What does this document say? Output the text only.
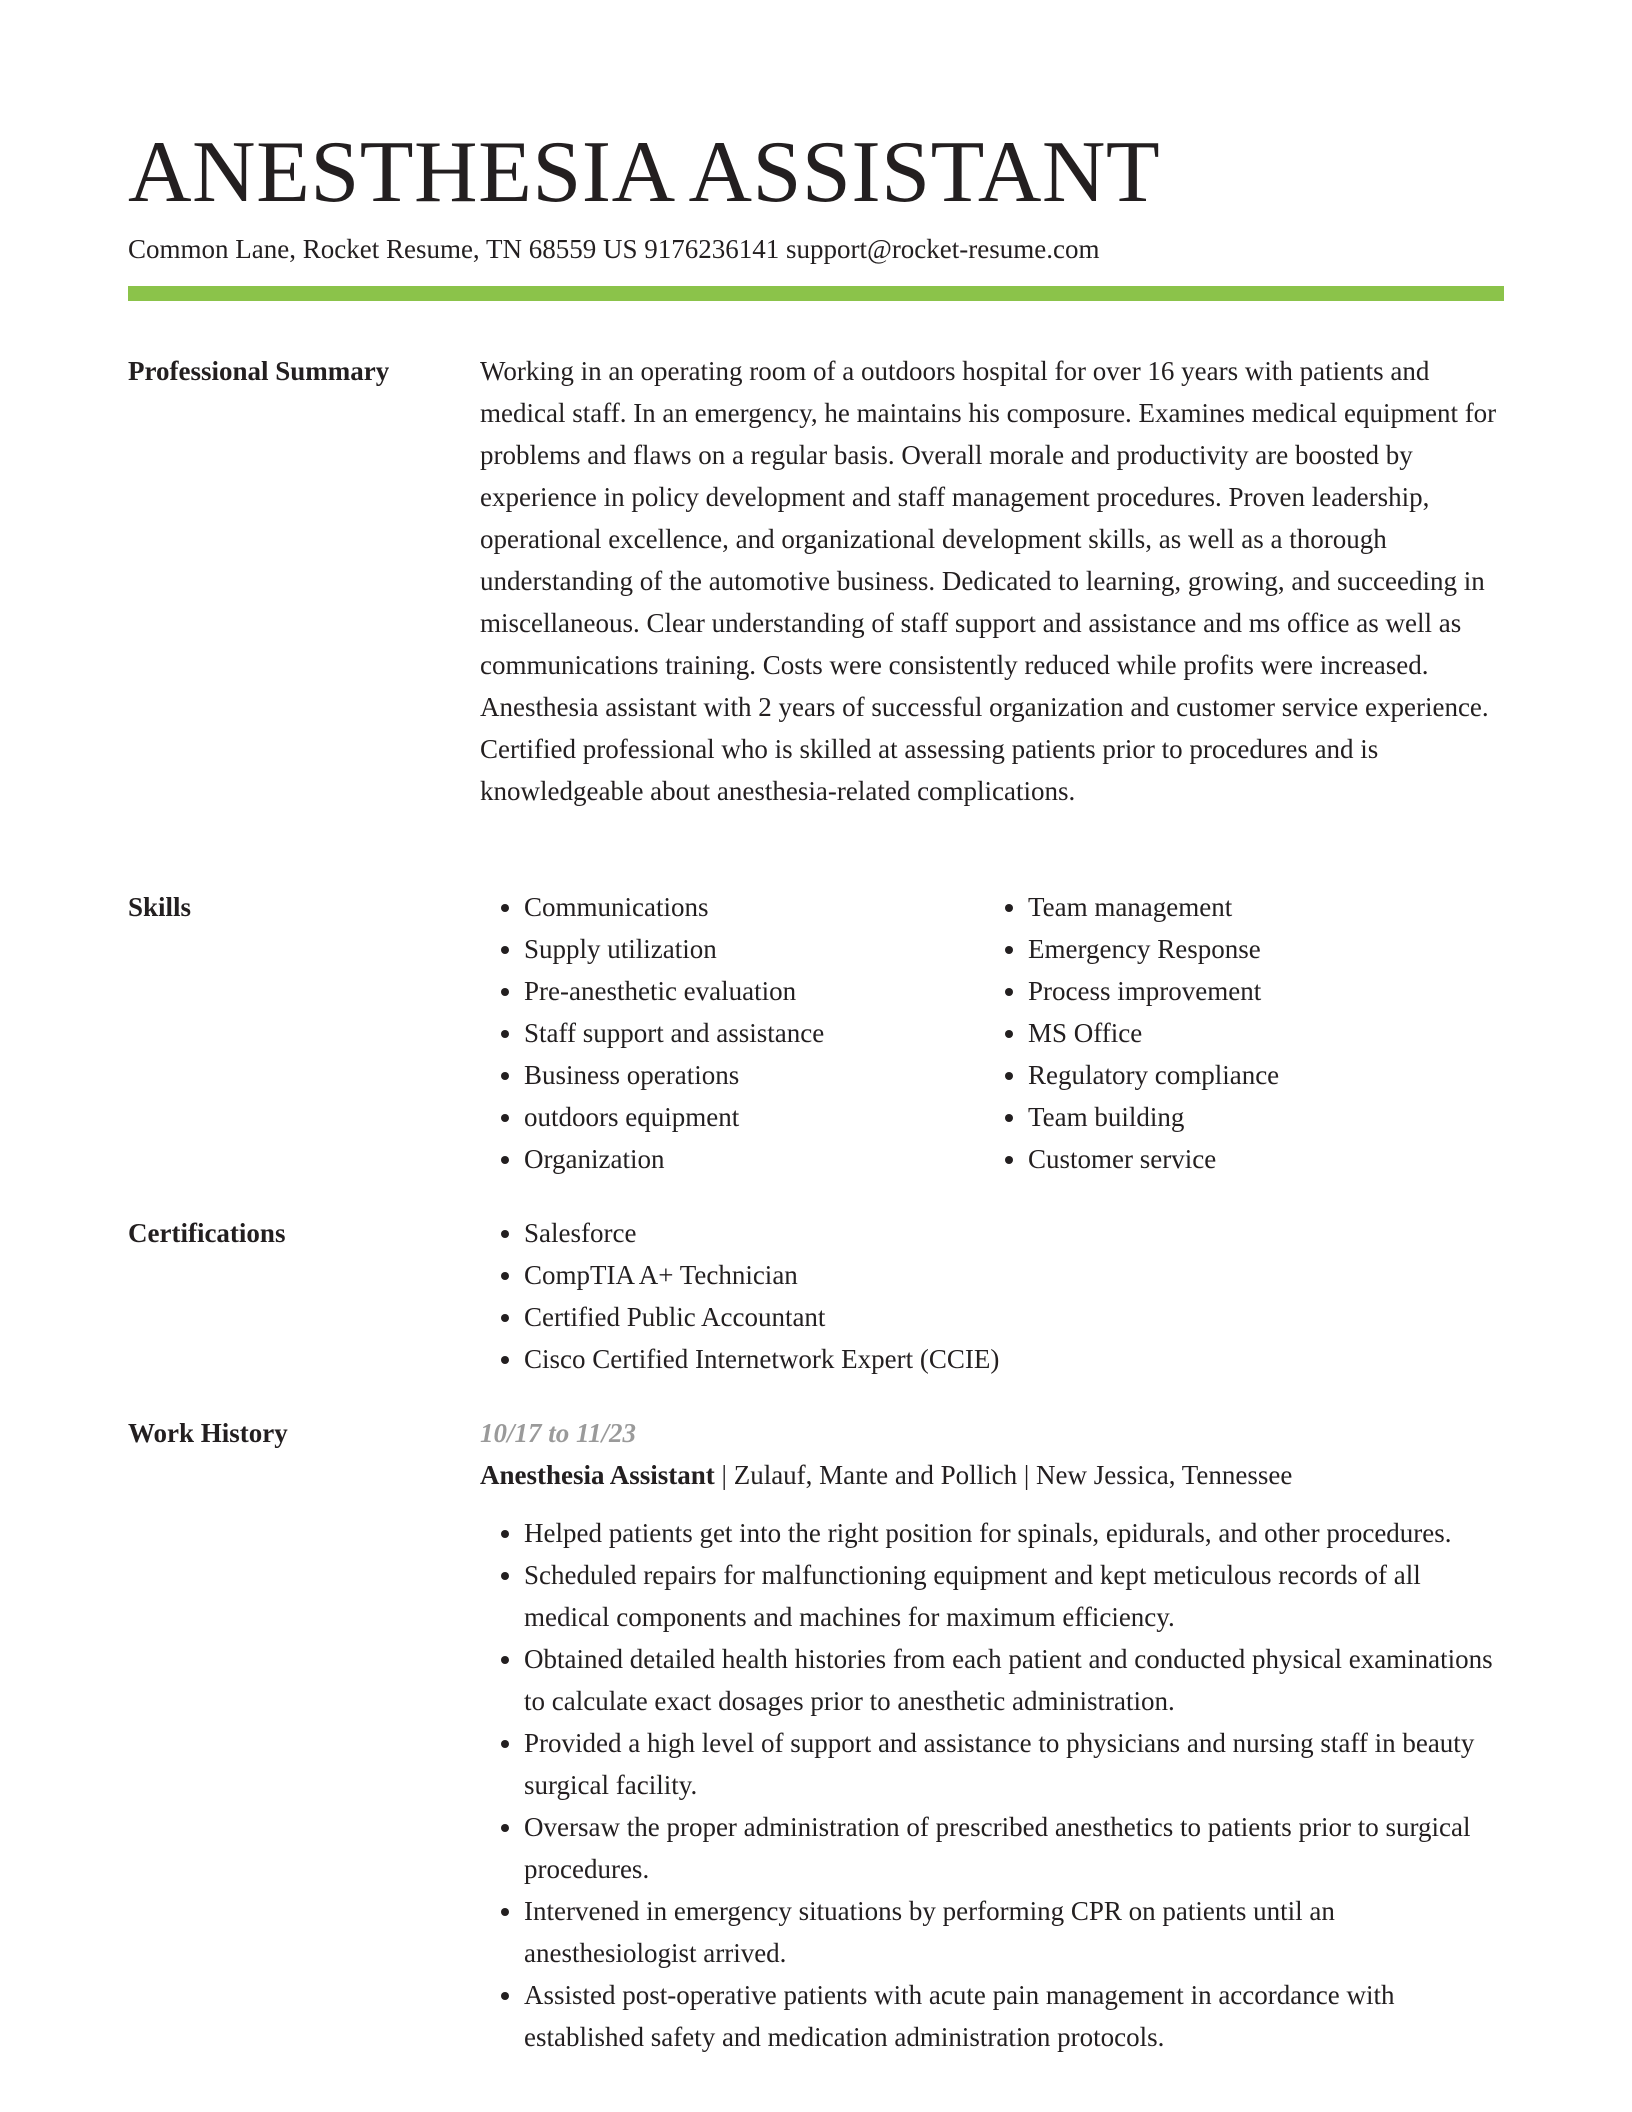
ANESTHESIA ASSISTANT
Common Lane, Rocket Resume, TN 68559 US 9176236141 support@rocket-resume.com
Professional Summary	Working in an operating room of a outdoors hospital for over 16 years with patients and medical staff. In an emergency, he maintains his composure. Examines medical equipment for problems and flaws on a regular basis. Overall morale and productivity are boosted by experience in policy development and staff management procedures. Proven leadership, operational excellence, and organizational development skills, as well as a thorough understanding of the automotive business. Dedicated to learning, growing, and succeeding in miscellaneous. Clear understanding of staff support and assistance and ms office as well as communications training. Costs were consistently reduced while profits were increased. Anesthesia assistant with 2 years of successful organization and customer service experience. Certified professional who is skilled at assessing patients prior to procedures and is knowledgeable about anesthesia-related complications.

Skills	• Communications
• Supply utilization
• Pre-anesthetic evaluation
• Staff support and assistance
• Business operations
• outdoors equipment
• Organization
• Team management
• Emergency Response
• Process improvement
• MS Office
• Regulatory compliance
• Team building
• Customer service
Certifications	• Salesforce
• CompTIA A+ Technician
• Certified Public Accountant
• Cisco Certified Internetwork Expert (CCIE)
Work History	10/17 to 11/23
Anesthesia Assistant | Zulauf, Mante and Pollich | New Jessica, Tennessee
• Helped patients get into the right position for spinals, epidurals, and other procedures.
• Scheduled repairs for malfunctioning equipment and kept meticulous records of all medical components and machines for maximum efficiency.
• Obtained detailed health histories from each patient and conducted physical examinations to calculate exact dosages prior to anesthetic administration.
• Provided a high level of support and assistance to physicians and nursing staff in beauty surgical facility.
• Oversaw the proper administration of prescribed anesthetics to patients prior to surgical procedures.
• Intervened in emergency situations by performing CPR on patients until an anesthesiologist arrived.
• Assisted post-operative patients with acute pain management in accordance with established safety and medication administration protocols.
